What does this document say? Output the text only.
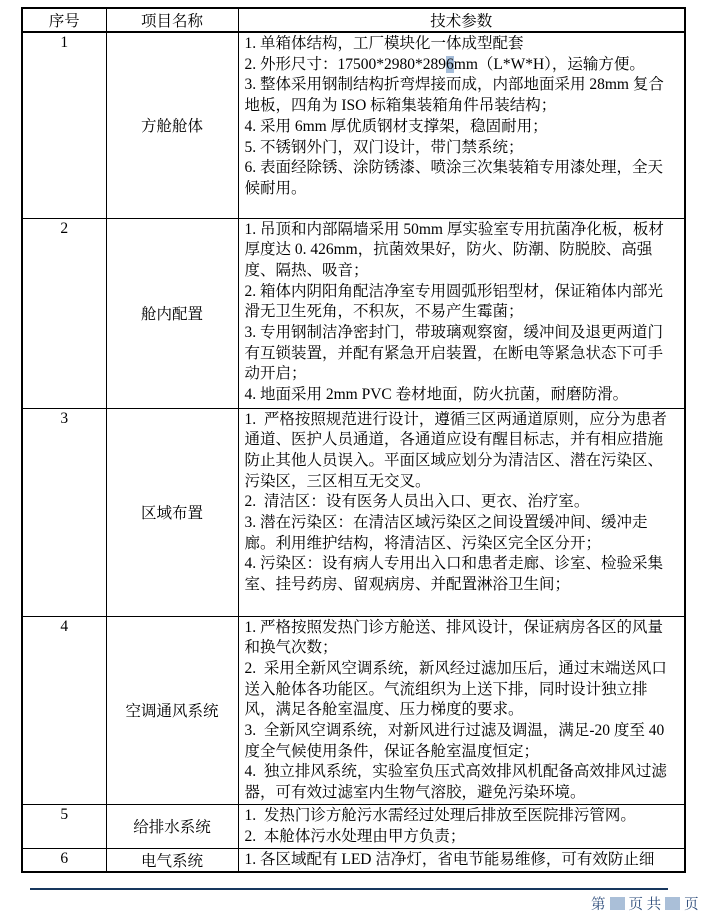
序号	项目名称	技术参数
1	方舱舱体	

1. 单箱体结构，工厂模块化一体成型配套

2. 外形尺寸：17500*2980*2896mm（L*W*H），运输方便。

3. 整体采用钢制结构折弯焊接而成，内部地面采用 28mm 复合地板，四角为 ISO 标箱集装箱角件吊装结构；

4. 采用 6mm 厚优质钢材支撑架，稳固耐用；

5. 不锈钢外门，双门设计，带门禁系统；

6. 表面经除锈、涂防锈漆、喷涂三次集装箱专用漆处理，全天候耐用。

2	舱内配置	1. 吊顶和内部隔墙采用 50mm 厚实验室专用抗菌净化板，板材厚度达 0. 426mm，抗菌效果好，防火、防潮、防脱胶、高强度、隔热、吸音；

2. 箱体内阴阳角配洁净室专用圆弧形铝型材，保证箱体内部光滑无卫生死角，不积灰，不易产生霉菌；

3. 专用钢制洁净密封门，带玻璃观察窗，缓冲间及退更两道门有互锁装置，并配有紧急开启装置，在断电等紧急状态下可手动开启；

4. 地面采用 2mm PVC 卷材地面，防火抗菌，耐磨防滑。

3	区域布置	1.  严格按照规范进行设计，遵循三区两通道原则，应分为患者通道、医护人员通道，各通道应设有醒目标志，并有相应措施防止其他人员误入。平面区域应划分为清洁区、潜在污染区、污染区，三区相互无交叉。

2.  清洁区：设有医务人员出入口、更衣、治疗室。

3. 潜在污染区：在清洁区域污染区之间设置缓冲间、缓冲走廊。利用维护结构，将清洁区、污染区完全区分开；

4. 污染区：设有病人专用出入口和患者走廊、诊室、检验采集室、挂号药房、留观病房、并配置淋浴卫生间；

4	空调通风系统	1. 严格按照发热门诊方舱送、排风设计，保证病房各区的风量和换气次数；

2.  采用全新风空调系统，新风经过滤加压后，通过末端送风口送入舱体各功能区。气流组织为上送下排，同时设计独立排风，满足各舱室温度、压力梯度的要求。

3.  全新风空调系统，对新风进行过滤及调温，满足-20 度至 40 度全气候使用条件，保证各舱室温度恒定；

4.  独立排风系统，实验室负压式高效排风机配备高效排风过滤器，可有效过滤室内生物气溶胶，避免污染环境。

5	给排水系统	1.  发热门诊方舱污水需经过处理后排放至医院排污管网。

2.  本舱体污水处理由甲方负责；

6	电气系统	1. 各区域配有 LED 洁净灯，省电节能易维修，可有效防止细

第 页 共 页
